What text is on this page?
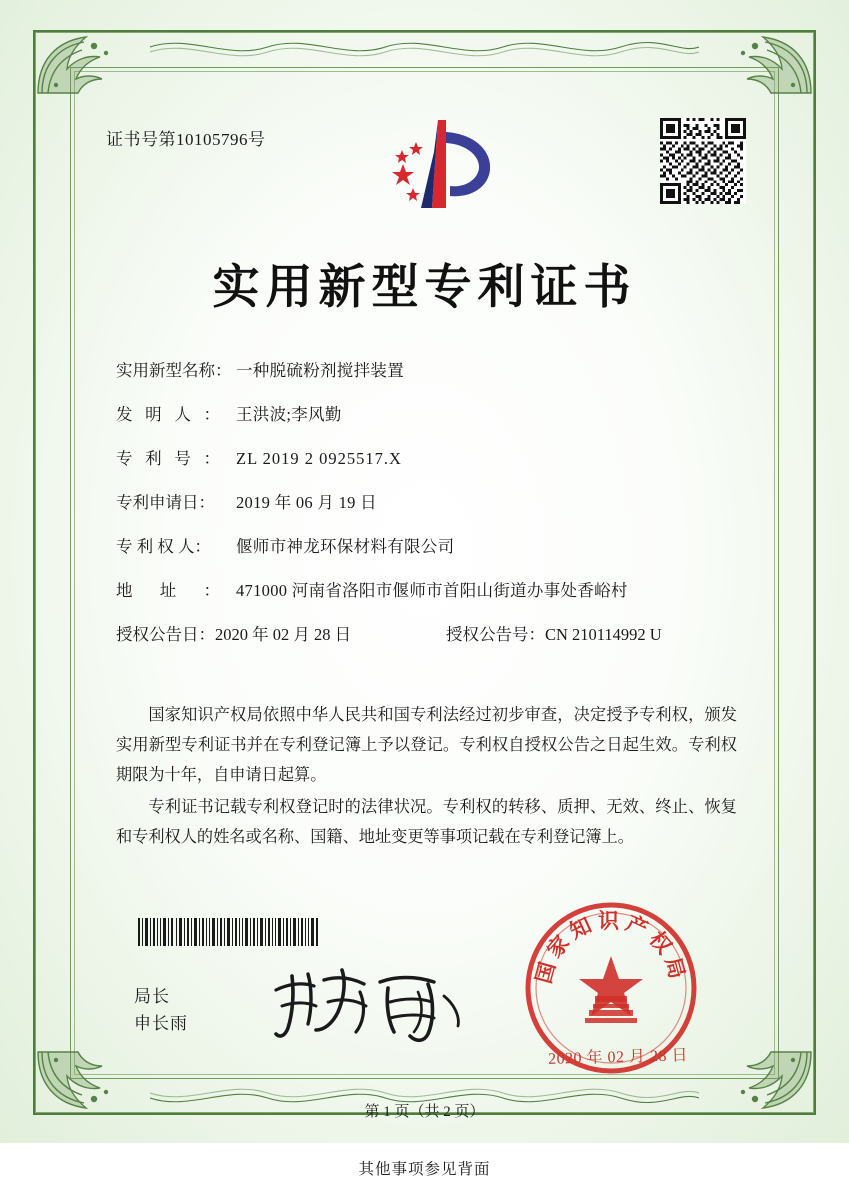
证书号第10105796号
实用新型专利证书
实用新型名称： 一种脱硫粉剂搅拌装置
发 明 人 ： 王洪波;李风勤
专 利 号 ： ZL 2019 2 0925517.X
专利申请日：	2019 年 06 月 19 日
专 利 权 人：	偃师市神龙环保材料有限公司
地 址 ： 471000 河南省洛阳市偃师市首阳山街道办事处香峪村
授权公告日：2020 年 02 月 28 日	授权公告号：CN 210114992 U

国家知识产权局依照中华人民共和国专利法经过初步审查，决定授予专利权，颁发实用新型专利证书并在专利登记簿上予以登记。专利权自授权公告之日起生效。专利权期限为十年，自申请日起算。

专利证书记载专利权登记时的法律状况。专利权的转移、质押、无效、终止、恢复和专利权人的姓名或名称、国籍、地址变更等事项记载在专利登记簿上。

局长
申长雨
国家知识产权局
2020 年 02 月 28 日
第 1 页（共 2 页）
其他事项参见背面
